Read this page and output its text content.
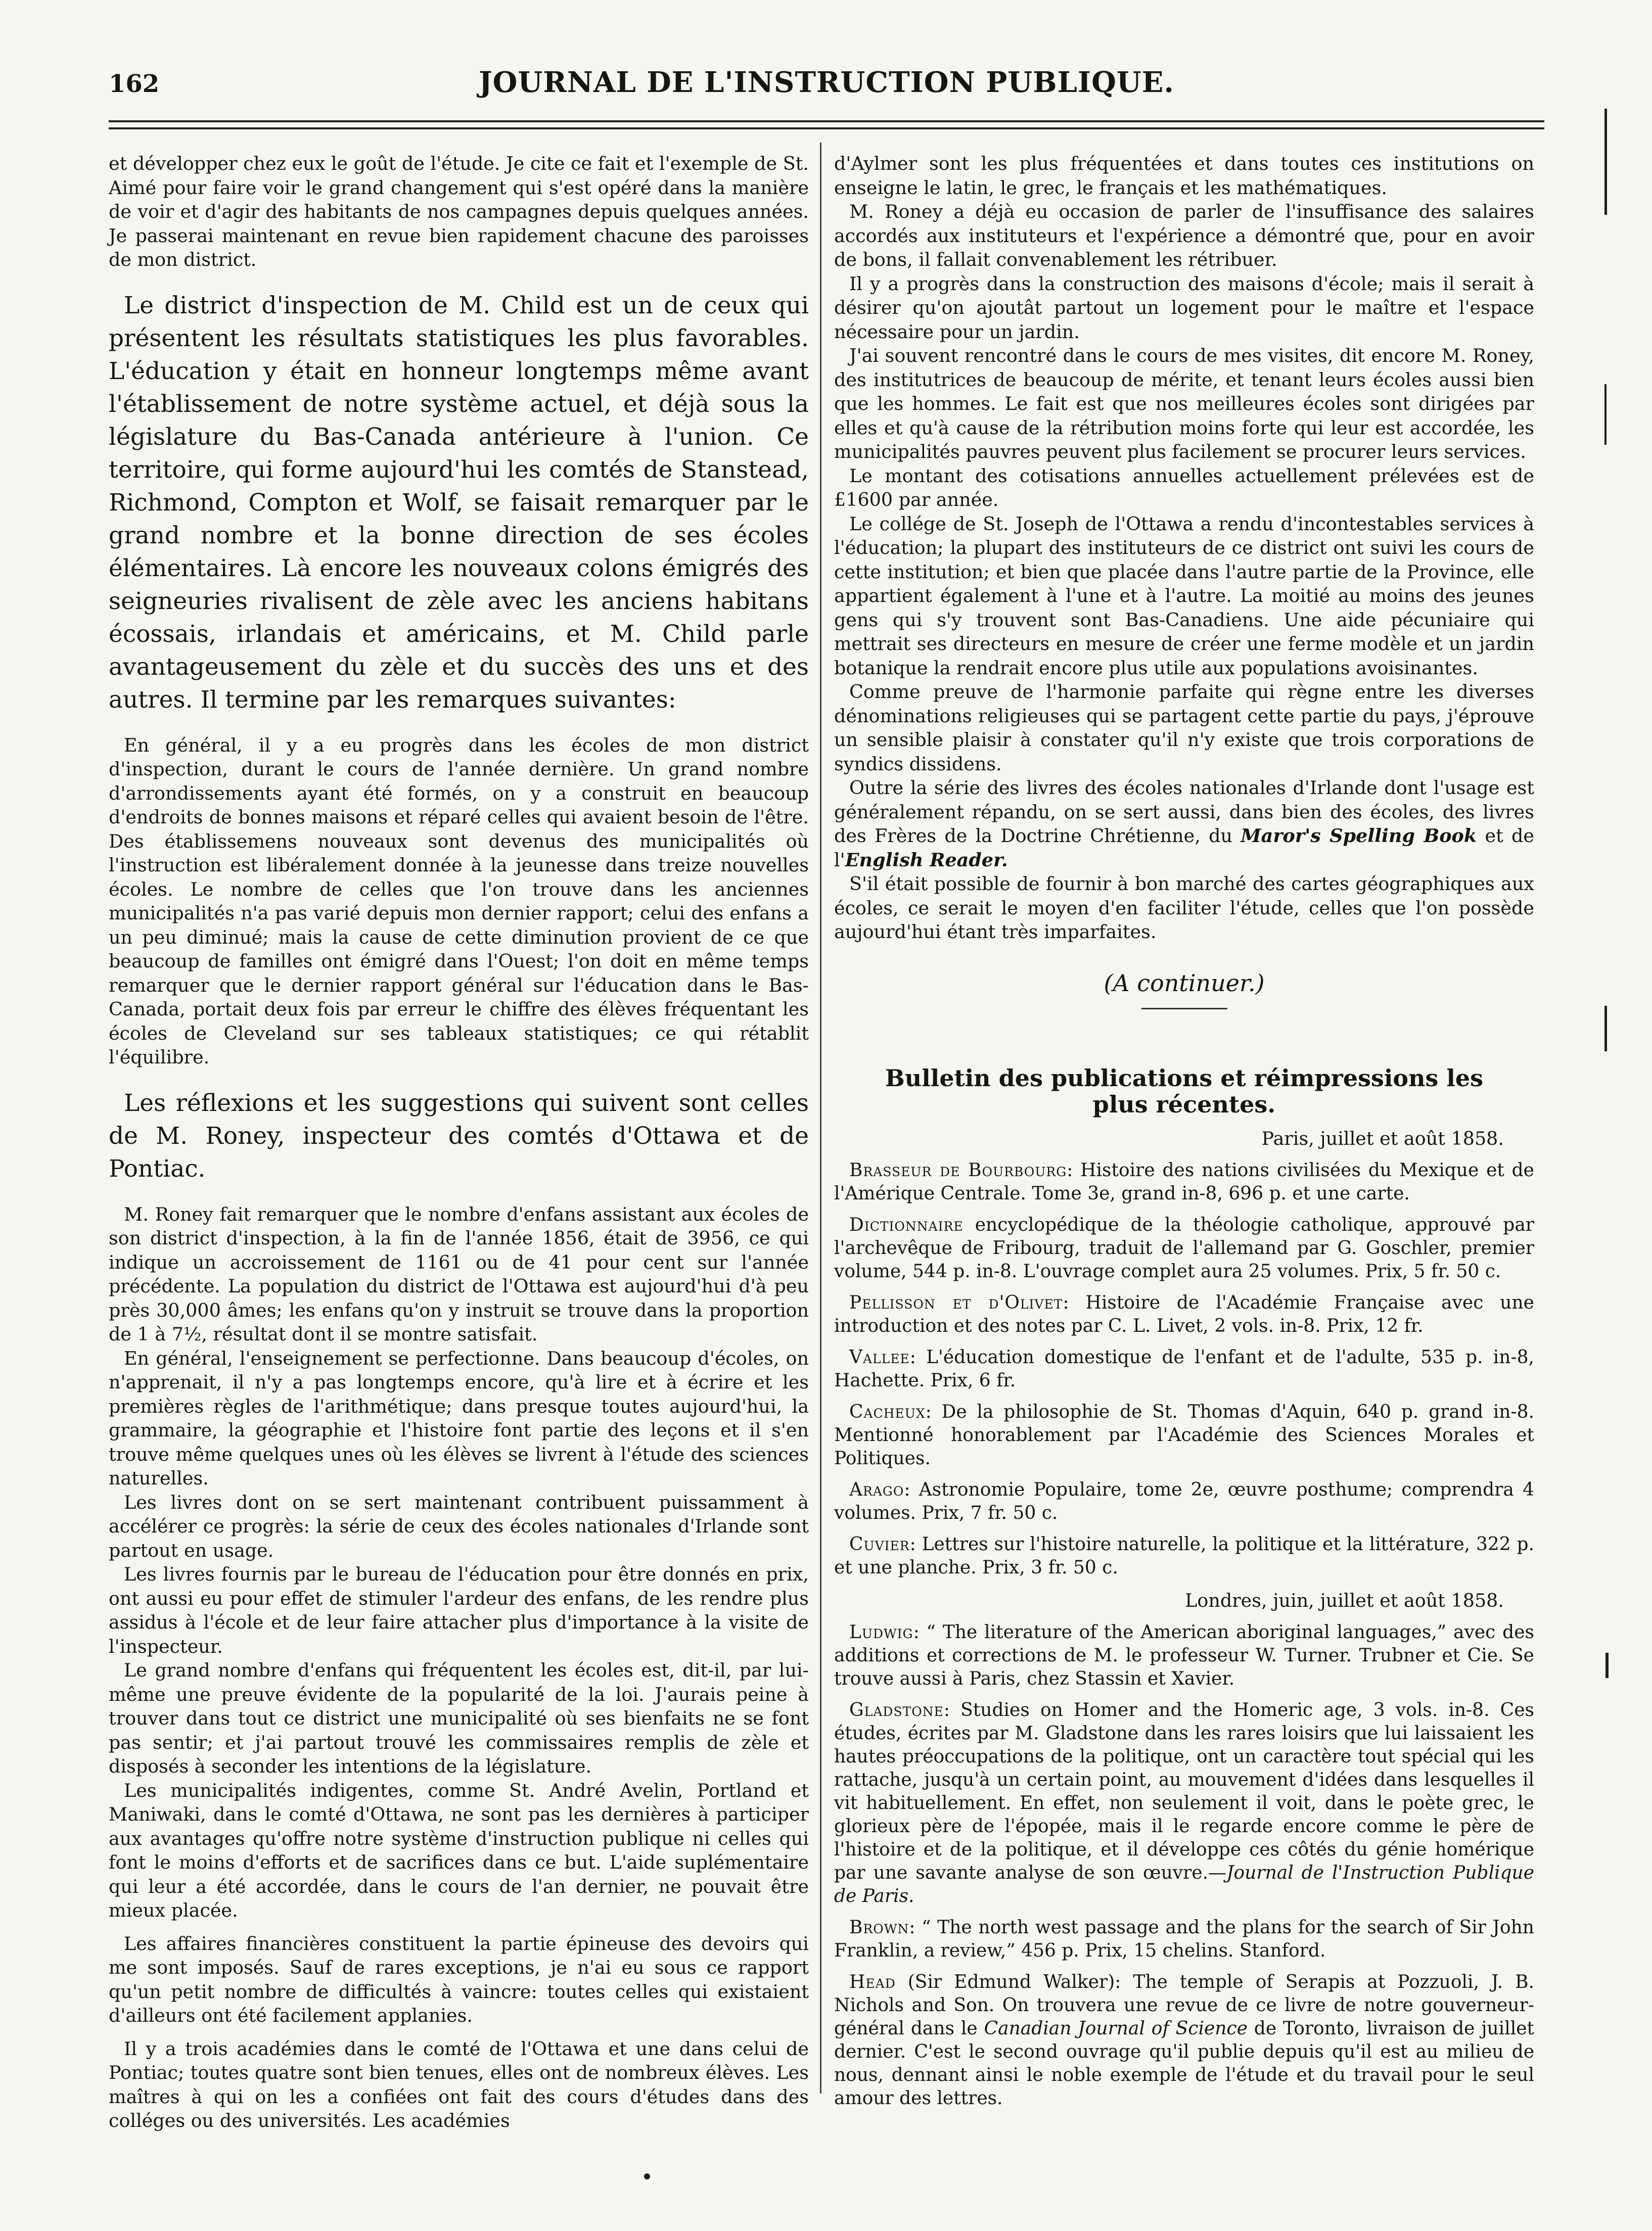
162	JOURNAL DE L'INSTRUCTION PUBLIQUE.

et développer chez eux le goût de l'étude. Je cite ce fait et l'exemple de St. Aimé pour faire voir le grand changement qui s'est opéré dans la manière de voir et d'agir des habitants de nos campagnes depuis quelques années. Je passerai maintenant en revue bien rapidement chacune des paroisses de mon district.

Le district d'inspection de M. Child est un de ceux qui présentent les résultats statistiques les plus favorables. L'éducation y était en honneur longtemps même avant l'établissement de notre système actuel, et déjà sous la législature du Bas-Canada antérieure à l'union. Ce territoire, qui forme aujourd'hui les comtés de Stanstead, Richmond, Compton et Wolf, se faisait remarquer par le grand nombre et la bonne direction de ses écoles élémentaires. Là encore les nouveaux colons émigrés des seigneuries rivalisent de zèle avec les anciens habitans écossais, irlandais et américains, et M. Child parle avantageusement du zèle et du succès des uns et des autres. Il termine par les remarques suivantes:

En général, il y a eu progrès dans les écoles de mon district d'inspection, durant le cours de l'année dernière. Un grand nombre d'arrondissements ayant été formés, on y a construit en beaucoup d'endroits de bonnes maisons et réparé celles qui avaient besoin de l'être. Des établissemens nouveaux sont devenus des municipalités où l'instruction est libéralement donnée à la jeunesse dans treize nouvelles écoles. Le nombre de celles que l'on trouve dans les anciennes municipalités n'a pas varié depuis mon dernier rapport; celui des enfans a un peu diminué; mais la cause de cette diminution provient de ce que beaucoup de familles ont émigré dans l'Ouest; l'on doit en même temps remarquer que le dernier rapport général sur l'éducation dans le Bas-Canada, portait deux fois par erreur le chiffre des élèves fréquentant les écoles de Cleveland sur ses tableaux statistiques; ce qui rétablit l'équilibre.

Les réflexions et les suggestions qui suivent sont celles de M. Roney, inspecteur des comtés d'Ottawa et de Pontiac.

M. Roney fait remarquer que le nombre d'enfans assistant aux écoles de son district d'inspection, à la fin de l'année 1856, était de 3956, ce qui indique un accroissement de 1161 ou de 41 pour cent sur l'année précédente. La population du district de l'Ottawa est aujourd'hui d'à peu près 30,000 âmes; les enfans qu'on y instruit se trouve dans la proportion de 1 à 7½, résultat dont il se montre satisfait.

En général, l'enseignement se perfectionne. Dans beaucoup d'écoles, on n'apprenait, il n'y a pas longtemps encore, qu'à lire et à écrire et les premières règles de l'arithmétique; dans presque toutes aujourd'hui, la grammaire, la géographie et l'histoire font partie des leçons et il s'en trouve même quelques unes où les élèves se livrent à l'étude des sciences naturelles.

Les livres dont on se sert maintenant contribuent puissamment à accélérer ce progrès: la série de ceux des écoles nationales d'Irlande sont partout en usage.

Les livres fournis par le bureau de l'éducation pour être donnés en prix, ont aussi eu pour effet de stimuler l'ardeur des enfans, de les rendre plus assidus à l'école et de leur faire attacher plus d'importance à la visite de l'inspecteur.

Le grand nombre d'enfans qui fréquentent les écoles est, dit-il, par lui-même une preuve évidente de la popularité de la loi. J'aurais peine à trouver dans tout ce district une municipalité où ses bienfaits ne se font pas sentir; et j'ai partout trouvé les commissaires remplis de zèle et disposés à seconder les intentions de la législature.

Les municipalités indigentes, comme St. André Avelin, Portland et Maniwaki, dans le comté d'Ottawa, ne sont pas les dernières à participer aux avantages qu'offre notre système d'instruction publique ni celles qui font le moins d'efforts et de sacrifices dans ce but. L'aide suplémentaire qui leur a été accordée, dans le cours de l'an dernier, ne pouvait être mieux placée.

Les affaires financières constituent la partie épineuse des devoirs qui me sont imposés. Sauf de rares exceptions, je n'ai eu sous ce rapport qu'un petit nombre de difficultés à vaincre: toutes celles qui existaient d'ailleurs ont été facilement applanies.

Il y a trois académies dans le comté de l'Ottawa et une dans celui de Pontiac; toutes quatre sont bien tenues, elles ont de nombreux élèves. Les maîtres à qui on les a confiées ont fait des cours d'études dans des colléges ou des universités. Les académies

d'Aylmer sont les plus fréquentées et dans toutes ces institutions on enseigne le latin, le grec, le français et les mathématiques.

M. Roney a déjà eu occasion de parler de l'insuffisance des salaires accordés aux instituteurs et l'expérience a démontré que, pour en avoir de bons, il fallait convenablement les rétribuer.

Il y a progrès dans la construction des maisons d'école; mais il serait à désirer qu'on ajoutât partout un logement pour le maître et l'espace nécessaire pour un jardin.

J'ai souvent rencontré dans le cours de mes visites, dit encore M. Roney, des institutrices de beaucoup de mérite, et tenant leurs écoles aussi bien que les hommes. Le fait est que nos meilleures écoles sont dirigées par elles et qu'à cause de la rétribution moins forte qui leur est accordée, les municipalités pauvres peuvent plus facilement se procurer leurs services.

Le montant des cotisations annuelles actuellement prélevées est de £1600 par année.

Le collége de St. Joseph de l'Ottawa a rendu d'incontestables services à l'éducation; la plupart des instituteurs de ce district ont suivi les cours de cette institution; et bien que placée dans l'autre partie de la Province, elle appartient également à l'une et à l'autre. La moitié au moins des jeunes gens qui s'y trouvent sont Bas-Canadiens. Une aide pécuniaire qui mettrait ses directeurs en mesure de créer une ferme modèle et un jardin botanique la rendrait encore plus utile aux populations avoisinantes.

Comme preuve de l'harmonie parfaite qui règne entre les diverses dénominations religieuses qui se partagent cette partie du pays, j'éprouve un sensible plaisir à constater qu'il n'y existe que trois corporations de syndics dissidens.

Outre la série des livres des écoles nationales d'Irlande dont l'usage est généralement répandu, on se sert aussi, dans bien des écoles, des livres des Frères de la Doctrine Chrétienne, du Maror's Spelling Book et de l'English Reader.

S'il était possible de fournir à bon marché des cartes géographiques aux écoles, ce serait le moyen d'en faciliter l'étude, celles que l'on possède aujourd'hui étant très imparfaites.

(A continuer.)
Bulletin des publications et réimpressions les plus récentes.
Paris, juillet et août 1858.

Brasseur de Bourbourg: Histoire des nations civilisées du Mexique et de l'Amérique Centrale. Tome 3e, grand in-8, 696 p. et une carte.

Dictionnaire encyclopédique de la théologie catholique, approuvé par l'archevêque de Fribourg, traduit de l'allemand par G. Goschler, premier volume, 544 p. in-8. L'ouvrage complet aura 25 volumes. Prix, 5 fr. 50 c.

Pellisson et d'Olivet: Histoire de l'Académie Française avec une introduction et des notes par C. L. Livet, 2 vols. in-8. Prix, 12 fr.

Vallee: L'éducation domestique de l'enfant et de l'adulte, 535 p. in-8, Hachette. Prix, 6 fr.

Cacheux: De la philosophie de St. Thomas d'Aquin, 640 p. grand in-8. Mentionné honorablement par l'Académie des Sciences Morales et Politiques.

Arago: Astronomie Populaire, tome 2e, œuvre posthume; comprendra 4 volumes. Prix, 7 fr. 50 c.

Cuvier: Lettres sur l'histoire naturelle, la politique et la littérature, 322 p. et une planche. Prix, 3 fr. 50 c.

Londres, juin, juillet et août 1858.

Ludwig: “ The literature of the American aboriginal languages,” avec des additions et corrections de M. le professeur W. Turner. Trubner et Cie. Se trouve aussi à Paris, chez Stassin et Xavier.

Gladstone: Studies on Homer and the Homeric age, 3 vols. in-8. Ces études, écrites par M. Gladstone dans les rares loisirs que lui laissaient les hautes préoccupations de la politique, ont un caractère tout spécial qui les rattache, jusqu'à un certain point, au mouvement d'idées dans lesquelles il vit habituellement. En effet, non seulement il voit, dans le poète grec, le glorieux père de l'épopée, mais il le regarde encore comme le père de l'histoire et de la politique, et il développe ces côtés du génie homérique par une savante analyse de son œuvre.—Journal de l'Instruction Publique de Paris.

Brown: “ The north west passage and the plans for the search of Sir John Franklin, a review,” 456 p. Prix, 15 chelins. Stanford.

Head (Sir Edmund Walker): The temple of Serapis at Pozzuoli, J. B. Nichols and Son. On trouvera une revue de ce livre de notre gouverneur-général dans le Canadian Journal of Science de Toronto, livraison de juillet dernier. C'est le second ouvrage qu'il publie depuis qu'il est au milieu de nous, dennant ainsi le noble exemple de l'étude et du travail pour le seul amour des lettres.
